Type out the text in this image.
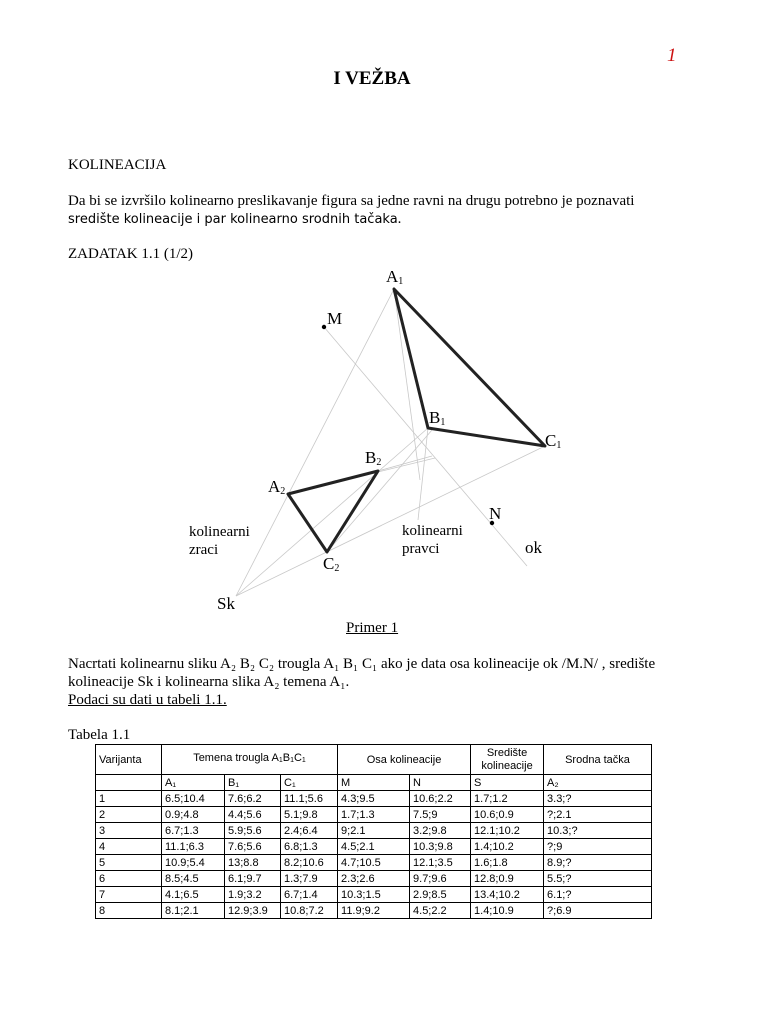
1
I VEŽBA
KOLINEACIJA
Da bi se izvršilo kolinearno preslikavanje figura sa jedne ravni na drugu potrebno je poznavati
središte kolineacije i par kolinearno srodnih tačaka.
ZADATAK 1.1 (1/2)
A1
M
B1
C1
B2
A2
C2
N
ok
Sk
kolinearni
zraci
kolinearni
pravci
Primer 1
Nacrtati kolinearnu sliku A₂ B₂ C₂ trougla A₁ B₁ C₁ ako je data osa kolineacije ok /M.N/ , središte
kolineacije Sk i kolinearna slika A₂ temena A₁.
Podaci su dati u tabeli 1.1.
Tabela 1.1
Varijanta	Temena trougla $A_1B_1C_1$			Osa kolineacije		Središte kolineacije	Srodna tačka
	A₁	B₁	C₁	M	N	S	A₂
1	6.5;10.4	7.6;6.2	11.1;5.6	4.3;9.5	10.6;2.2	1.7;1.2	3.3;?
2	0.9;4.8	4.4;5.6	5.1;9.8	1.7;1.3	7.5;9	10.6;0.9	?;2.1
3	6.7;1.3	5.9;5.6	2.4;6.4	9;2.1	3.2;9.8	12.1;10.2	10.3;?
4	11.1;6.3	7.6;5.6	6.8;1.3	4.5;2.1	10.3;9.8	1.4;10.2	?;9
5	10.9;5.4	13;8.8	8.2;10.6	4.7;10.5	12.1;3.5	1.6;1.8	8.9;?
6	8.5;4.5	6.1;9.7	1.3;7.9	2.3;2.6	9.7;9.6	12.8;0.9	5.5;?
7	4.1;6.5	1.9;3.2	6.7;1.4	10.3;1.5	2.9;8.5	13.4;10.2	6.1;?
8	8.1;2.1	12.9;3.9	10.8;7.2	11.9;9.2	4.5;2.2	1.4;10.9	?;6.9
